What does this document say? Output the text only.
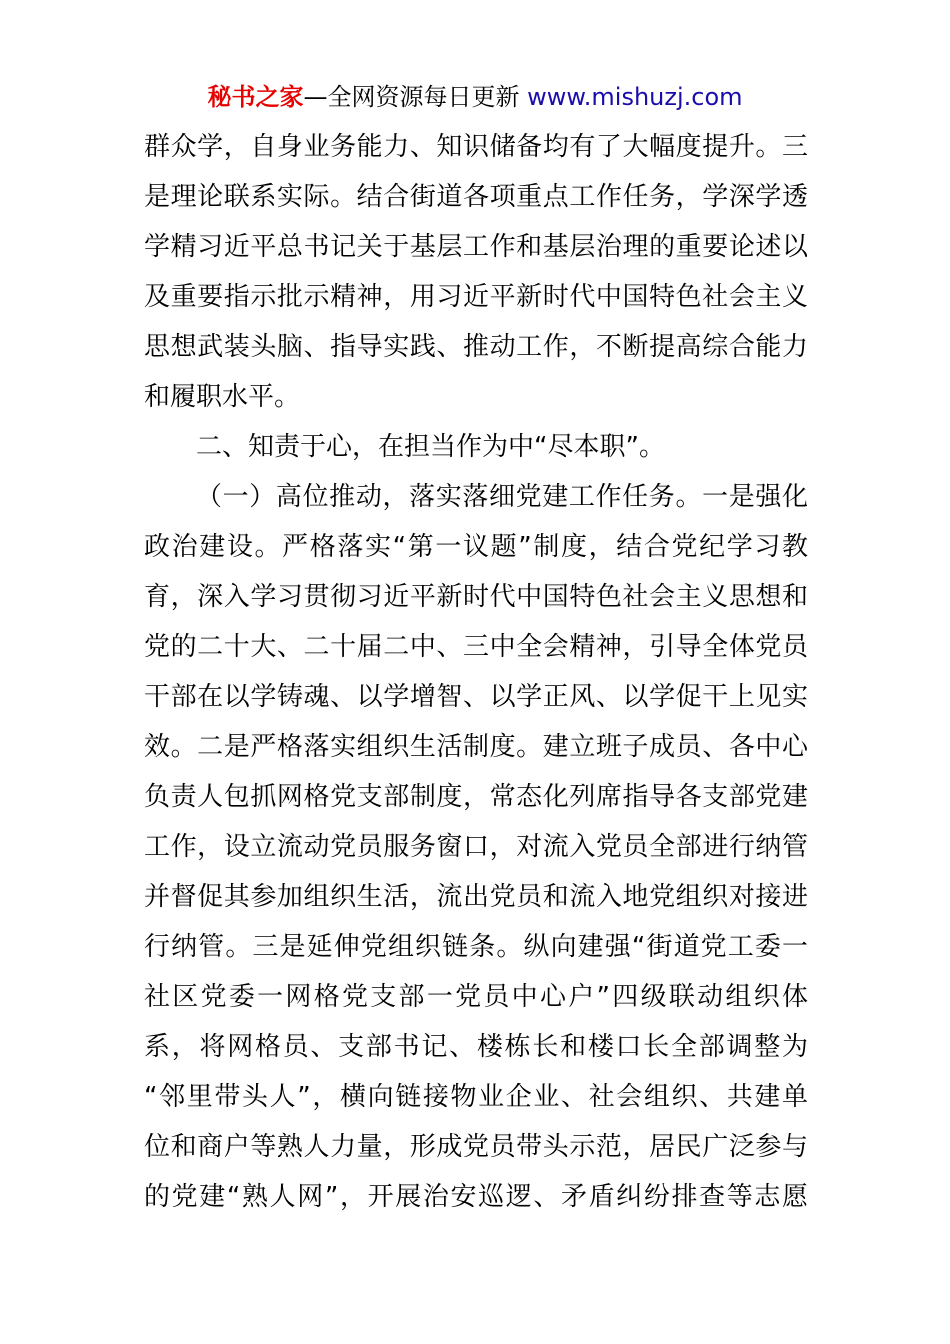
秘书之家—全网资源每日更新 www.mishuzj.com
群众学，自身业务能力、知识储备均有了大幅度提升。三
是理论联系实际。结合街道各项重点工作任务，学深学透
学精习近平总书记关于基层工作和基层治理的重要论述以
及重要指示批示精神，用习近平新时代中国特色社会主义
思想武装头脑、指导实践、推动工作，不断提高综合能力
和履职水平。
二、知责于心，在担当作为中“尽本职”。
（一）高位推动，落实落细党建工作任务。一是强化
政治建设。严格落实“第一议题”制度，结合党纪学习教
育，深入学习贯彻习近平新时代中国特色社会主义思想和
党的二十大、二十届二中、三中全会精神，引导全体党员
干部在以学铸魂、以学增智、以学正风、以学促干上见实
效。二是严格落实组织生活制度。建立班子成员、各中心
负责人包抓网格党支部制度，常态化列席指导各支部党建
工作，设立流动党员服务窗口，对流入党员全部进行纳管
并督促其参加组织生活，流出党员和流入地党组织对接进
行纳管。三是延伸党组织链条。纵向建强“街道党工委一
社区党委一网格党支部一党员中心户”四级联动组织体
系，将网格员、支部书记、楼栋长和楼口长全部调整为
“邻里带头人”，横向链接物业企业、社会组织、共建单
位和商户等熟人力量，形成党员带头示范，居民广泛参与
的党建“熟人网”，开展治安巡逻、矛盾纠纷排查等志愿
